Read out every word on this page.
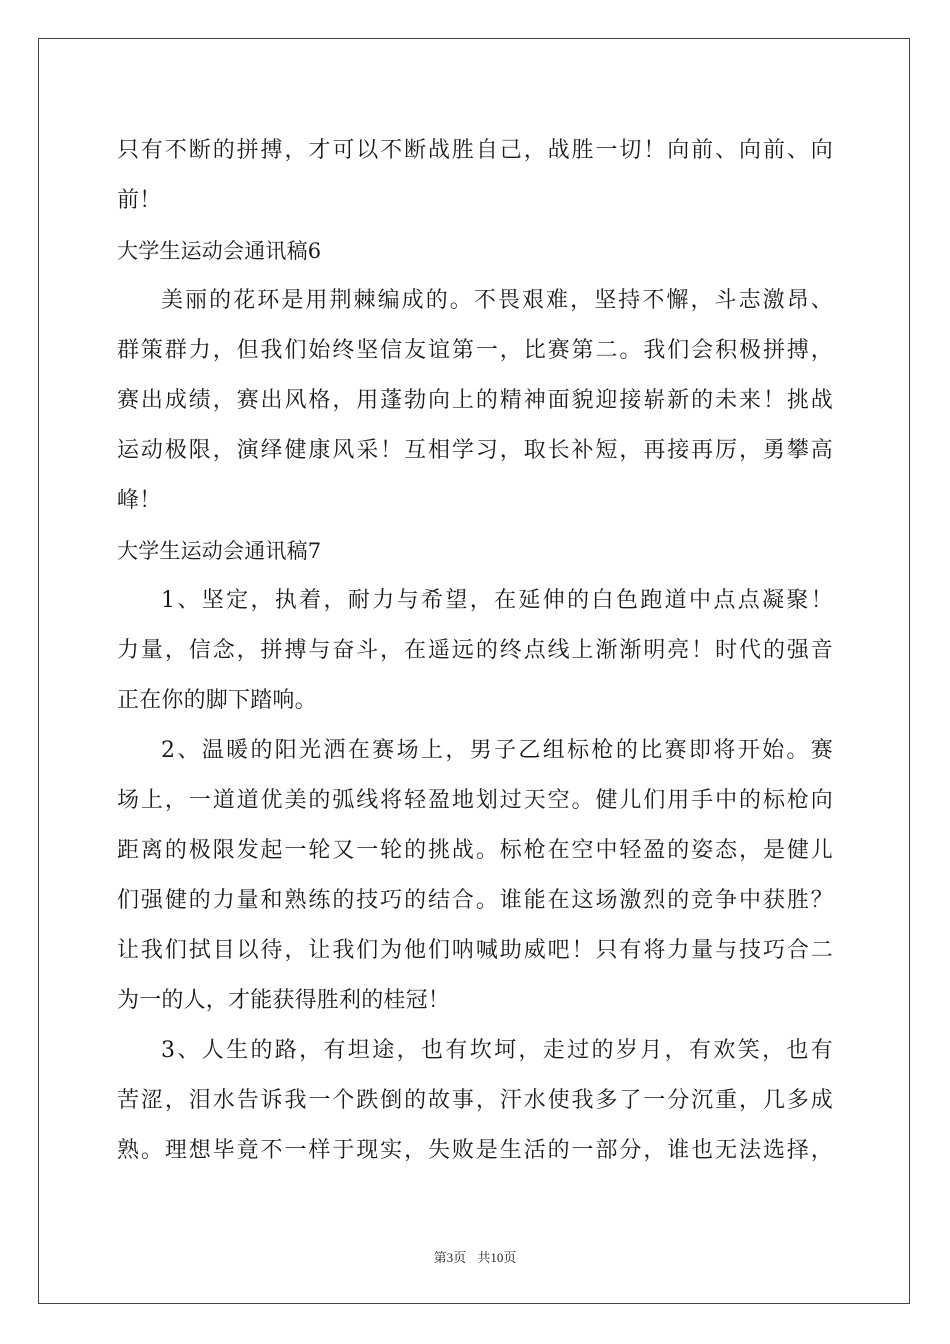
只有不断的拼搏，才可以不断战胜自己，战胜一切！向前、向前、向
前！
大学生运动会通讯稿6
美丽的花环是用荆棘编成的。不畏艰难，坚持不懈，斗志激昂、
群策群力，但我们始终坚信友谊第一，比赛第二。我们会积极拼搏，
赛出成绩，赛出风格，用蓬勃向上的精神面貌迎接崭新的未来！挑战
运动极限，演绎健康风采！互相学习，取长补短，再接再厉，勇攀高
峰！
大学生运动会通讯稿7
1、坚定，执着，耐力与希望，在延伸的白色跑道中点点凝聚！
力量，信念，拼搏与奋斗，在遥远的终点线上渐渐明亮！时代的强音
正在你的脚下踏响。
2、温暖的阳光洒在赛场上，男子乙组标枪的比赛即将开始。赛
场上，一道道优美的弧线将轻盈地划过天空。健儿们用手中的标枪向
距离的极限发起一轮又一轮的挑战。标枪在空中轻盈的姿态，是健儿
们强健的力量和熟练的技巧的结合。谁能在这场激烈的竞争中获胜？
让我们拭目以待，让我们为他们呐喊助威吧！只有将力量与技巧合二
为一的人，才能获得胜利的桂冠！
3、人生的路，有坦途，也有坎坷，走过的岁月，有欢笑，也有
苦涩，泪水告诉我一个跌倒的故事，汗水使我多了一分沉重，几多成
熟。理想毕竟不一样于现实，失败是生活的一部分，谁也无法选择，
第3页 共10页
